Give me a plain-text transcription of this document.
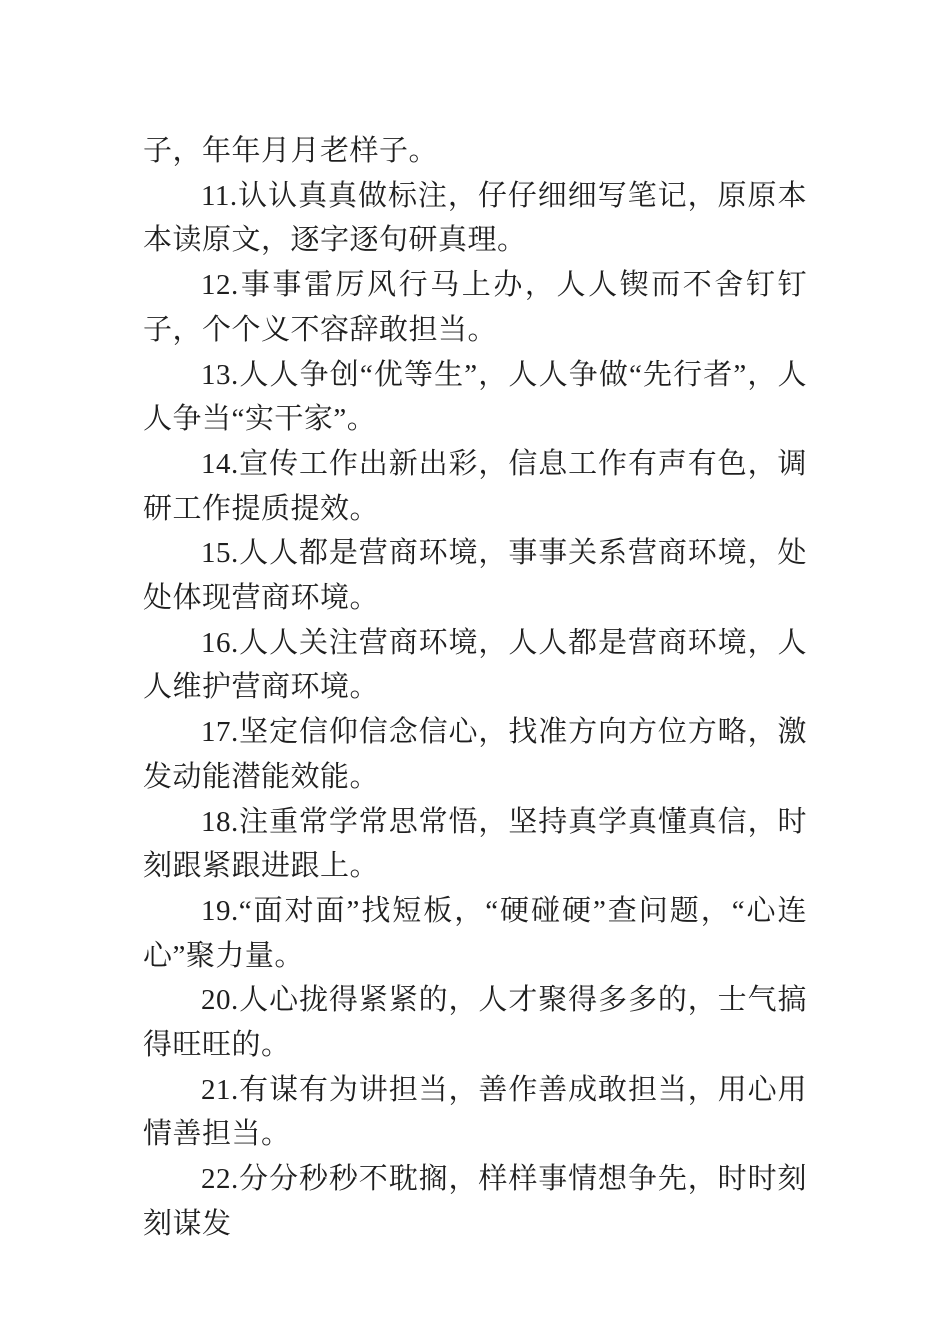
子，年年月月老样子。

11.认认真真做标注，仔仔细细写笔记，原原本本读原文，逐字逐句研真理。

12.事事雷厉风行马上办，人人锲而不舍钉钉子，个个义不容辞敢担当。

13.人人争创“优等生”，人人争做“先行者”，人人争当“实干家”。

14.宣传工作出新出彩，信息工作有声有色，调研工作提质提效。

15.人人都是营商环境，事事关系营商环境，处处体现营商环境。

16.人人关注营商环境，人人都是营商环境，人人维护营商环境。

17.坚定信仰信念信心，找准方向方位方略，激发动能潜能效能。

18.注重常学常思常悟，坚持真学真懂真信，时刻跟紧跟进跟上。

19.“面对面”找短板，“硬碰硬”查问题，“心连心”聚力量。

20.人心拢得紧紧的，人才聚得多多的，士气搞得旺旺的。

21.有谋有为讲担当，善作善成敢担当，用心用情善担当。

22.分分秒秒不耽搁，样样事情想争先，时时刻刻谋发
